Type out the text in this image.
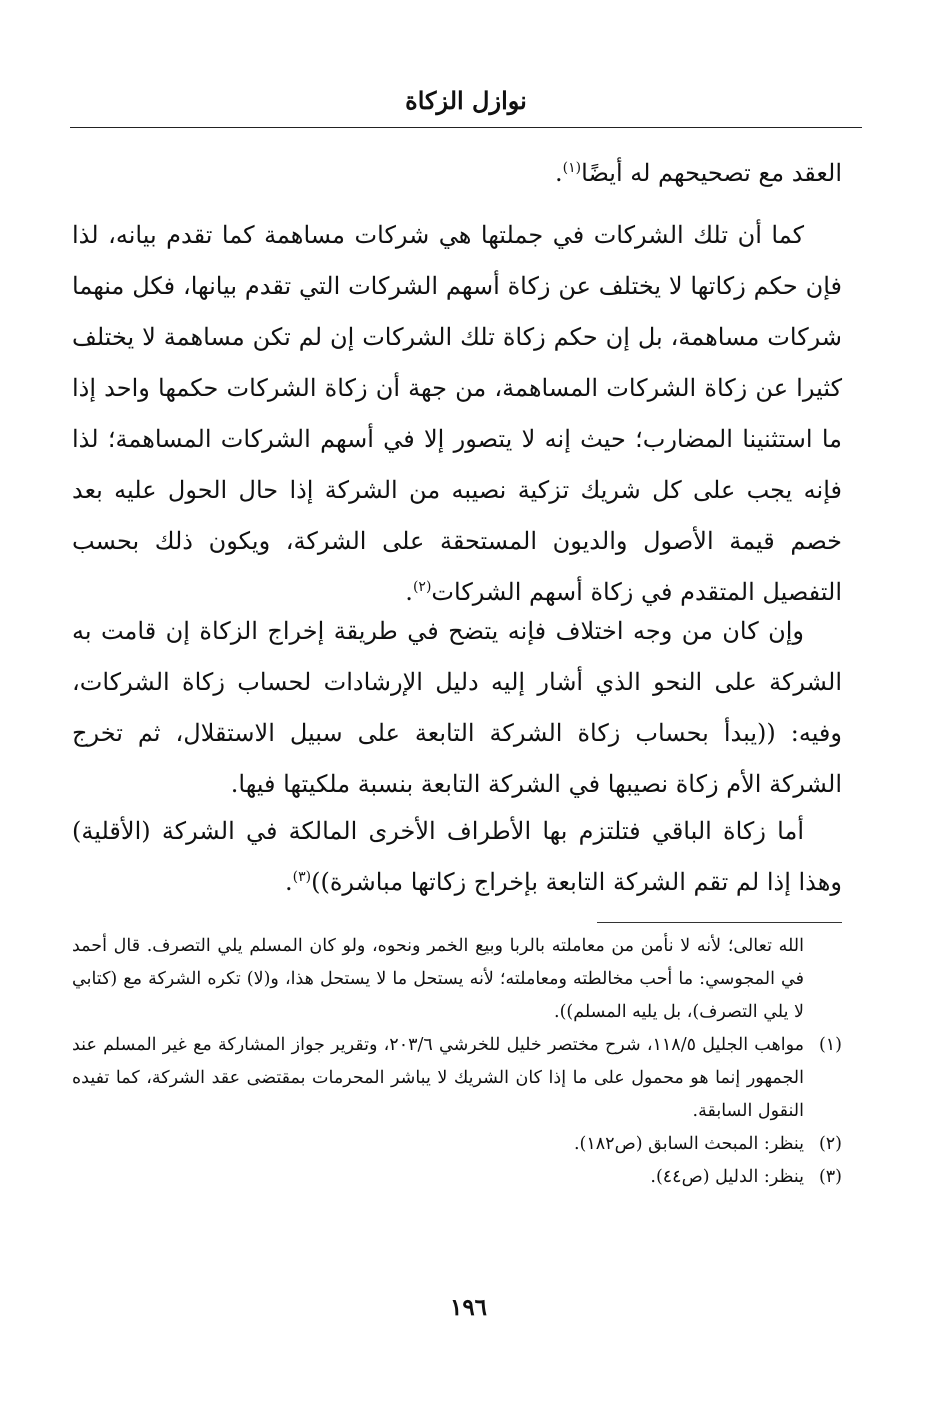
نوازل الزكاة

العقد مع تصحيحهم له أيضًا$^{(١)}$.

كما أن تلك الشركات في جملتها هي شركات مساهمة كما تقدم بيانه، لذا فإن حكم زكاتها لا يختلف عن زكاة أسهم الشركات التي تقدم بيانها، فكل منهما شركات مساهمة، بل إن حكم زكاة تلك الشركات إن لم تكن مساهمة لا يختلف كثيرا عن زكاة الشركات المساهمة، من جهة أن زكاة الشركات حكمها واحد إذا ما استثنينا المضارب؛ حيث إنه لا يتصور إلا في أسهم الشركات المساهمة؛ لذا فإنه يجب على كل شريك تزكية نصيبه من الشركة إذا حال الحول عليه بعد خصم قيمة الأصول والديون المستحقة على الشركة، ويكون ذلك بحسب التفصيل المتقدم في زكاة أسهم الشركات$^{(٢)}$.

وإن كان من وجه اختلاف فإنه يتضح في طريقة إخراج الزكاة إن قامت به الشركة على النحو الذي أشار إليه دليل الإرشادات لحساب زكاة الشركات، وفيه: ((يبدأ بحساب زكاة الشركة التابعة على سبيل الاستقلال، ثم تخرج الشركة الأم زكاة نصيبها في الشركة التابعة بنسبة ملكيتها فيها.

أما زكاة الباقي فتلتزم بها الأطراف الأخرى المالكة في الشركة (الأقلية) وهذا إذا لم تقم الشركة التابعة بإخراج زكاتها مباشرة))$^{(٣)}$.

الله تعالى؛ لأنه لا نأمن من معاملته بالربا وبيع الخمر ونحوه، ولو كان المسلم يلي التصرف. قال أحمد في المجوسي: ما أحب مخالطته ومعاملته؛ لأنه يستحل ما لا يستحل هذا، و(لا) تكره الشركة مع (كتابي لا يلي التصرف)، بل يليه المسلم)).

(١)
مواهب الجليل ١١٨/٥، شرح مختصر خليل للخرشي ٢٠٣/٦، وتقرير جواز المشاركة مع غير المسلم عند الجمهور إنما هو محمول على ما إذا كان الشريك لا يباشر المحرمات بمقتضى عقد الشركة، كما تفيده النقول السابقة.
(٢)
ينظر: المبحث السابق (ص١٨٢).
(٣)
ينظر: الدليل (ص٤٤).
١٩٦
